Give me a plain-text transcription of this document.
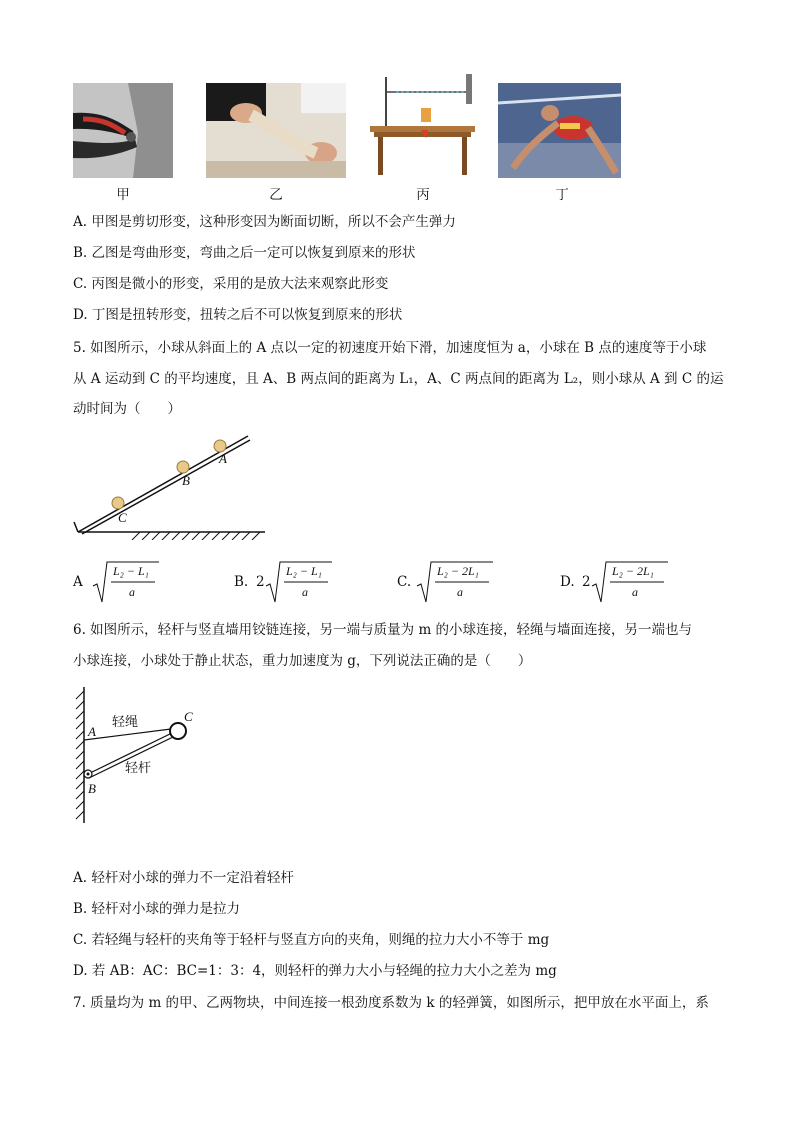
甲	乙	丙	丁
A. 甲图是剪切形变，这种形变因为断面切断，所以不会产生弹力
B. 乙图是弯曲形变，弯曲之后一定可以恢复到原来的形状
C. 丙图是微小的形变，采用的是放大法来观察此形变
D. 丁图是扭转形变，扭转之后不可以恢复到原来的形状
5. 如图所示，小球从斜面上的 A 点以一定的初速度开始下滑，加速度恒为 a，小球在 B 点的速度等于小球
从 A 运动到 C 的平均速度，且 A、B 两点间的距离为 L₁，A、C 两点间的距离为 L₂，则小球从 A 到 C 的运
动时间为（　　）
A
B
C
A
L₂ − L₁
a
B. 2
L₂ − L₁
a
C.
L₂ − 2L₁
a
D. 2
L₂ − 2L₁
a
6. 如图所示，轻杆与竖直墙用铰链连接，另一端与质量为 m 的小球连接，轻绳与墙面连接，另一端也与
小球连接，小球处于静止状态，重力加速度为 g，下列说法正确的是（　　）
A
B
C
轻绳
轻杆
A. 轻杆对小球的弹力不一定沿着轻杆
B. 轻杆对小球的弹力是拉力
C. 若轻绳与轻杆的夹角等于轻杆与竖直方向的夹角，则绳的拉力大小不等于 mg
D. 若 AB：AC：BC=1：3：4，则轻杆的弹力大小与轻绳的拉力大小之差为 mg
7. 质量均为 m 的甲、乙两物块，中间连接一根劲度系数为 k 的轻弹簧，如图所示，把甲放在水平面上，系
